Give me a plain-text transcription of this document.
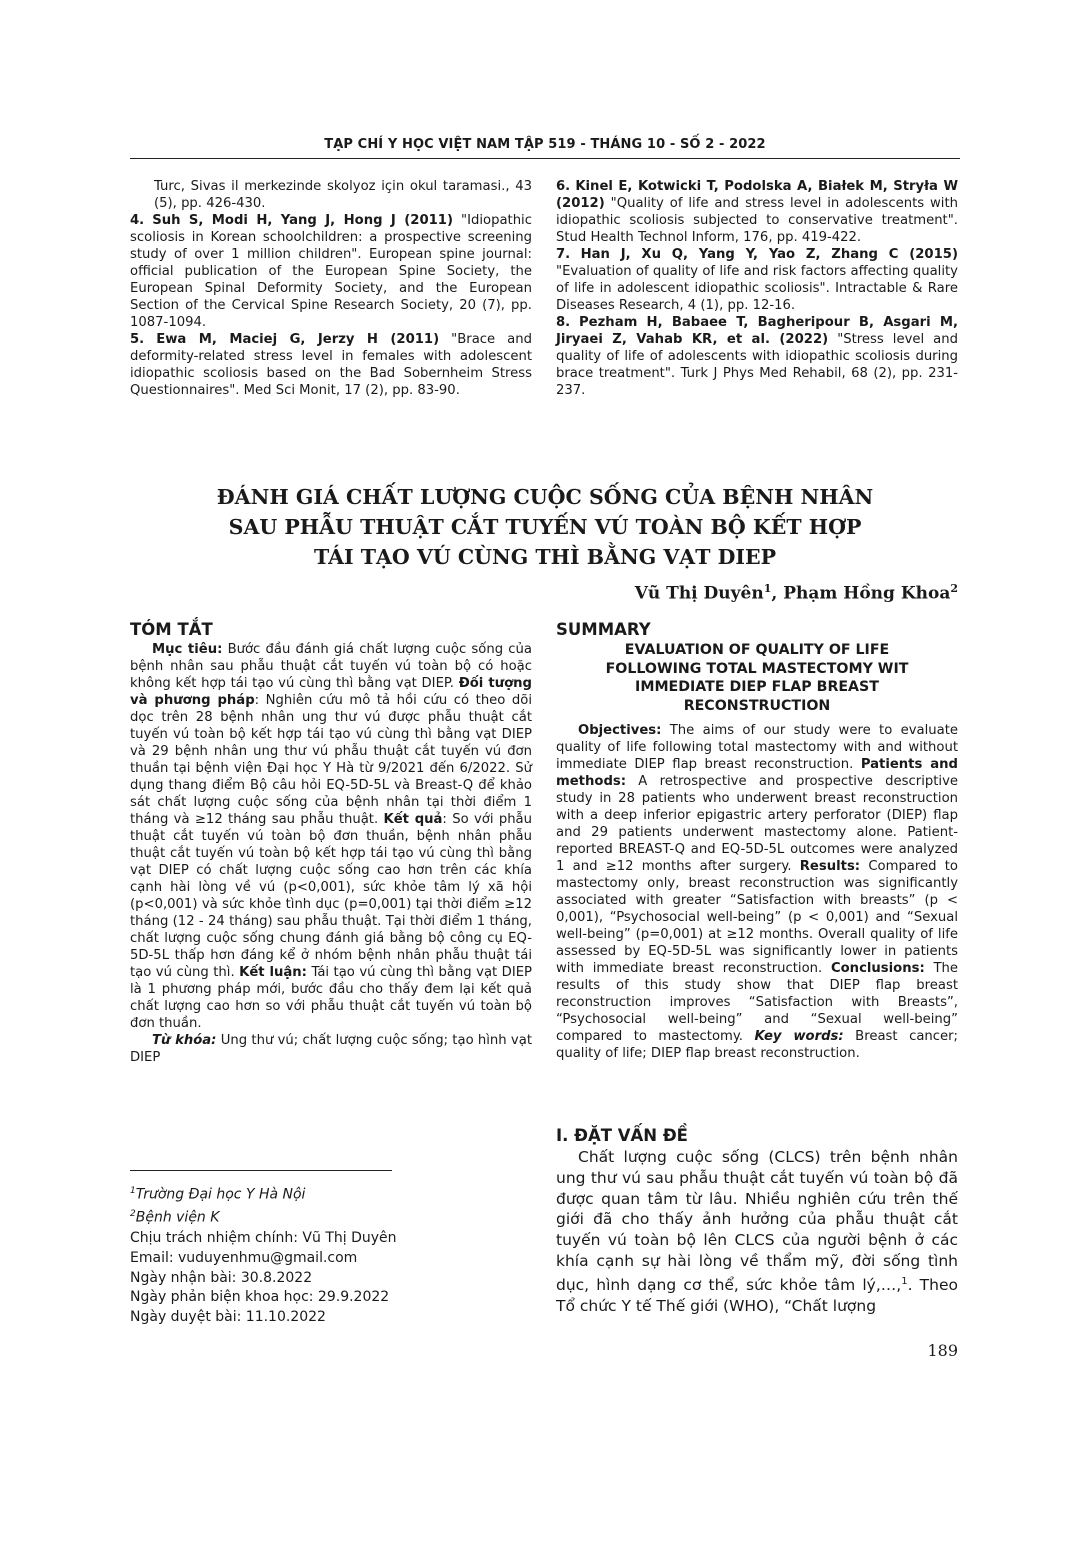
TẠP CHÍ Y HỌC VIỆT NAM TẬP 519 - THÁNG 10 - SỐ 2 - 2022

Turc, Sivas il merkezinde skolyoz için okul taramasi., 43 (5), pp. 426-430.

4. Suh S, Modi H, Yang J, Hong J (2011) "Idiopathic scoliosis in Korean schoolchildren: a prospective screening study of over 1 million children". European spine journal: official publication of the European Spine Society, the European Spinal Deformity Society, and the European Section of the Cervical Spine Research Society, 20 (7), pp. 1087-1094.

5. Ewa M, Maciej G, Jerzy H (2011) "Brace and deformity-related stress level in females with adolescent idiopathic scoliosis based on the Bad Sobernheim Stress Questionnaires". Med Sci Monit, 17 (2), pp. 83-90.

6. Kinel E, Kotwicki T, Podolska A, Białek M, Stryła W (2012) "Quality of life and stress level in adolescents with idiopathic scoliosis subjected to conservative treatment". Stud Health Technol Inform, 176, pp. 419-422.

7. Han J, Xu Q, Yang Y, Yao Z, Zhang C (2015) "Evaluation of quality of life and risk factors affecting quality of life in adolescent idiopathic scoliosis". Intractable & Rare Diseases Research, 4 (1), pp. 12-16.

8. Pezham H, Babaee T, Bagheripour B, Asgari M, Jiryaei Z, Vahab KR, et al. (2022) "Stress level and quality of life of adolescents with idiopathic scoliosis during brace treatment". Turk J Phys Med Rehabil, 68 (2), pp. 231-237.

ĐÁNH GIÁ CHẤT LƯỢNG CUỘC SỐNG CỦA BỆNH NHÂN
SAU PHẪU THUẬT CẮT TUYẾN VÚ TOÀN BỘ KẾT HỢP
TÁI TẠO VÚ CÙNG THÌ BẰNG VẠT DIEP
Vũ Thị Duyên$^1$, Phạm Hồng Khoa$^2$
TÓM TẮT

Mục tiêu: Bước đầu đánh giá chất lượng cuộc sống của bệnh nhân sau phẫu thuật cắt tuyến vú toàn bộ có hoặc không kết hợp tái tạo vú cùng thì bằng vạt DIEP. Đối tượng và phương pháp: Nghiên cứu mô tả hồi cứu có theo dõi dọc trên 28 bệnh nhân ung thư vú được phẫu thuật cắt tuyến vú toàn bộ kết hợp tái tạo vú cùng thì bằng vạt DIEP và 29 bệnh nhân ung thư vú phẫu thuật cắt tuyến vú đơn thuần tại bệnh viện Đại học Y Hà từ 9/2021 đến 6/2022. Sử dụng thang điểm Bộ câu hỏi EQ-5D-5L và Breast-Q để khảo sát chất lượng cuộc sống của bệnh nhân tại thời điểm 1 tháng và ≥12 tháng sau phẫu thuật. Kết quả: So với phẫu thuật cắt tuyến vú toàn bộ đơn thuần, bệnh nhân phẫu thuật cắt tuyến vú toàn bộ kết hợp tái tạo vú cùng thì bằng vạt DIEP có chất lượng cuộc sống cao hơn trên các khía cạnh hài lòng về vú (p<0,001), sức khỏe tâm lý xã hội (p<0,001) và sức khỏe tình dục (p=0,001) tại thời điểm ≥12 tháng (12 - 24 tháng) sau phẫu thuật. Tại thời điểm 1 tháng, chất lượng cuộc sống chung đánh giá bằng bộ công cụ EQ-5D-5L thấp hơn đáng kể ở nhóm bệnh nhân phẫu thuật tái tạo vú cùng thì. Kết luận: Tái tạo vú cùng thì bằng vạt DIEP là 1 phương pháp mới, bước đầu cho thấy đem lại kết quả chất lượng cao hơn so với phẫu thuật cắt tuyến vú toàn bộ đơn thuần.

Từ khóa: Ung thư vú; chất lượng cuộc sống; tạo hình vạt DIEP

SUMMARY
EVALUATION OF QUALITY OF LIFE
FOLLOWING TOTAL MASTECTOMY WIT
IMMEDIATE DIEP FLAP BREAST
RECONSTRUCTION

Objectives: The aims of our study were to evaluate quality of life following total mastectomy with and without immediate DIEP flap breast reconstruction. Patients and methods: A retrospective and prospective descriptive study in 28 patients who underwent breast reconstruction with a deep inferior epigastric artery perforator (DIEP) flap and 29 patients underwent mastectomy alone. Patient-reported BREAST-Q and EQ-5D-5L outcomes were analyzed 1 and ≥12 months after surgery. Results: Compared to mastectomy only, breast reconstruction was significantly associated with greater “Satisfaction with breasts” (p < 0,001), “Psychosocial well-being” (p < 0,001) and “Sexual well-being” (p=0,001) at ≥12 months. Overall quality of life assessed by EQ-5D-5L was significantly lower in patients with immediate breast reconstruction. Conclusions: The results of this study show that DIEP flap breast reconstruction improves “Satisfaction with Breasts”, “Psychosocial well-being” and “Sexual well-being” compared to mastectomy. Key words: Breast cancer; quality of life; DIEP flap breast reconstruction.

I. ĐẶT VẤN ĐỀ

Chất lượng cuộc sống (CLCS) trên bệnh nhân ung thư vú sau phẫu thuật cắt tuyến vú toàn bộ đã được quan tâm từ lâu. Nhiều nghiên cứu trên thế giới đã cho thấy ảnh hưởng của phẫu thuật cắt tuyến vú toàn bộ lên CLCS của người bệnh ở các khía cạnh sự hài lòng về thẩm mỹ, đời sống tình dục, hình dạng cơ thể, sức khỏe tâm lý,…,$^1$. Theo Tổ chức Y tế Thế giới (WHO), “Chất lượng

$^1$Trường Đại học Y Hà Nội
$^2$Bệnh viện K
Chịu trách nhiệm chính: Vũ Thị Duyên
Email: vuduyenhmu@gmail.com
Ngày nhận bài: 30.8.2022
Ngày phản biện khoa học: 29.9.2022
Ngày duyệt bài: 11.10.2022
189
